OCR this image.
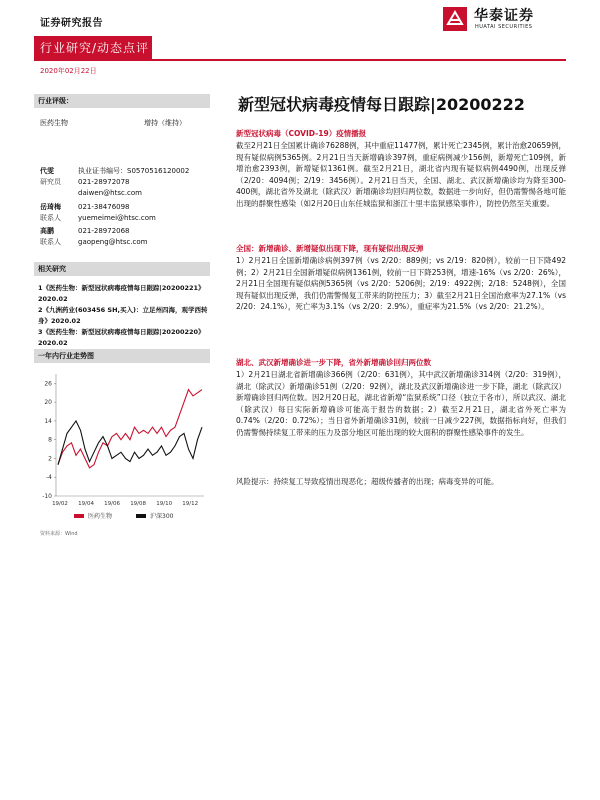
证券研究报告	华泰证券
HUATAI SECURITIES
行业研究/动态点评
2020年02月22日
行业评级：
医药生物	增持（维持）
代雯
研究员
执业证书编号：S0570516120002
021-28972078
daiwen@htsc.com
岳琦梅
联系人
021-38476098
yuemeimei@htsc.com
高鹏
联系人
021-28972068
gaopeng@htsc.com
相关研究
1《医药生物：新型冠状病毒疫情每日跟踪|20200221》2020.02
2《九洲药业(603456 SH,买入)：立足州四海，观学西转身》2020.02
3《医药生物：新型冠状病毒疫情每日跟踪|20200220》2020.02
一年内行业走势图
-10
-4
2
8
14
20
26
19/02 19/04 19/06 19/08 19/10 19/12
医药生物	沪深300
资料来源：Wind
新型冠状病毒疫情每日跟踪|20200222
新型冠状病毒（COVID-19）疫情播报
截至2月21日全国累计确诊76288例，其中重症11477例，累计死亡2345例，累计治愈20659例，现有疑似病例5365例。2月21日当天新增确诊397例，重症病例减少156例，新增死亡109例，新增治愈2393例，新增疑似1361例。截至2月21日，湖北省内现有疑似病例4490例，出现反弹（2/20：4094例；2/19：3456例）。2月21日当天，全国、湖北、武汉新增确诊均为降至300-400例，湖北省外及湖北（除武汉）新增确诊均回归两位数，数据进一步向好，但仍需警惕各地可能出现的群聚性感染（如2月20日山东任城监狱和浙江十里丰监狱感染事件），防控仍然至关重要。
全国：新增确诊、新增疑似出现下降，现有疑似出现反弹
1）2月21日全国新增确诊病例397例（vs 2/20：889例；vs 2/19：820例），较前一日下降492例；2）2月21日全国新增疑似病例1361例，较前一日下降253例，增速-16%（vs 2/20：26%），2月21日全国现有疑似病例5365例（vs 2/20：5206例；2/19：4922例；2/18：5248例），全国现有疑似出现反弹，我们仍需警惕复工带来的防控压力；3）截至2月21日全国治愈率为27.1%（vs 2/20：24.1%），死亡率为3.1%（vs 2/20：2.9%），重症率为21.5%（vs 2/20：21.2%）。
湖北、武汉新增确诊进一步下降，省外新增确诊回归两位数
1）2月21日湖北省新增确诊366例（2/20：631例），其中武汉新增确诊314例（2/20：319例），湖北（除武汉）新增确诊51例（2/20：92例），湖北及武汉新增确诊进一步下降，湖北（除武汉）新增确诊回归两位数。因2月20日起，湖北省新增“监狱系统”口径（独立于各市），所以武汉、湖北（除武汉）每日实际新增确诊可能高于报告的数据；2）截至2月21日，湖北省外死亡率为0.74%（2/20：0.72%）；当日省外新增确诊31例，较前一日减少227例，数据指标向好，但我们仍需警惕持续复工带来的压力及部分地区可能出现的较大面积的群聚性感染事件的发生。
风险提示：持续复工导致疫情出现恶化；超级传播者的出现；病毒变异的可能。
